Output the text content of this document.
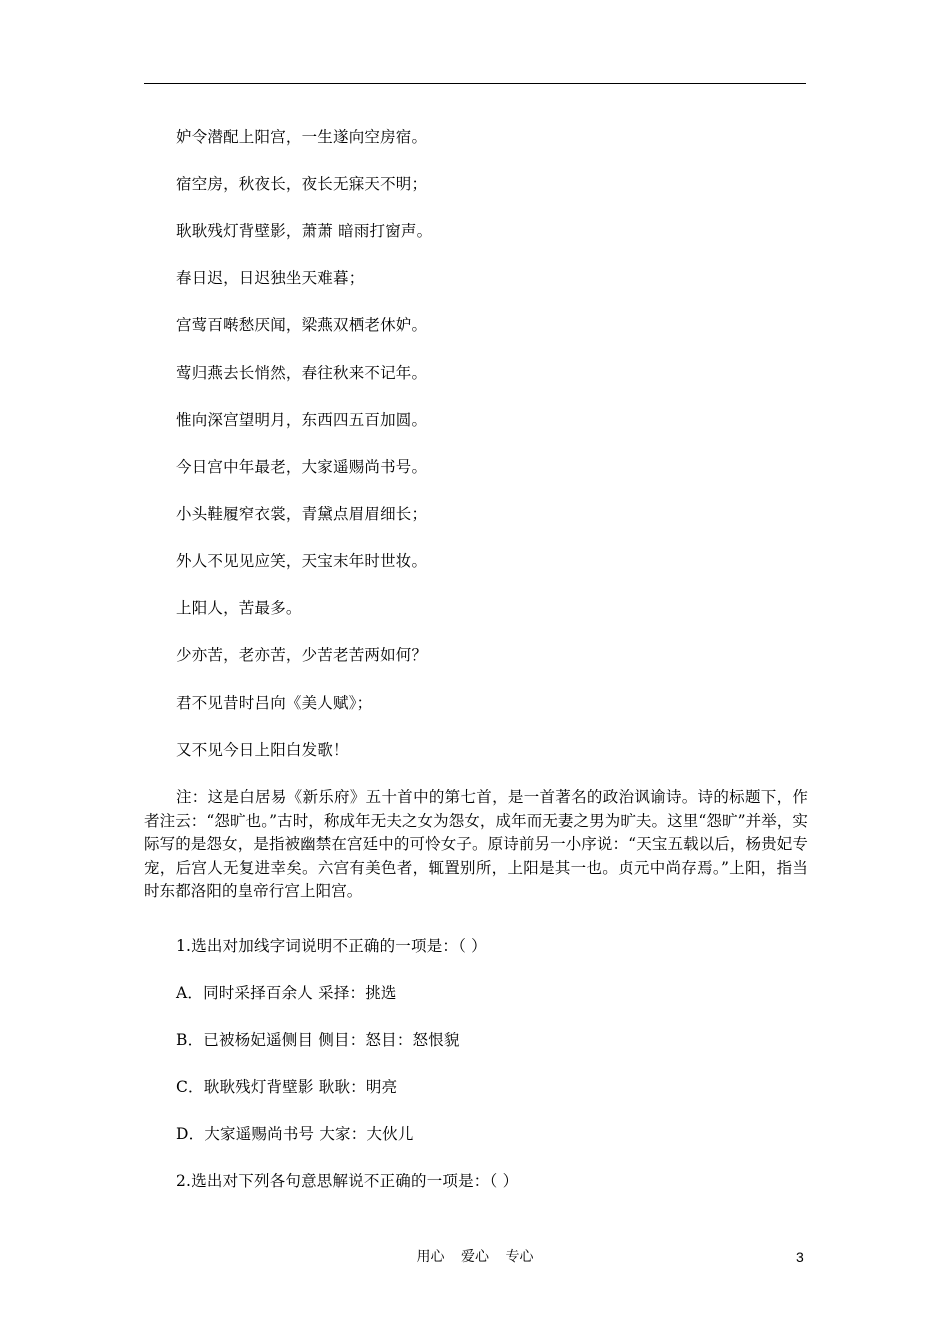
妒令潜配上阳宫，一生遂向空房宿。
宿空房，秋夜长，夜长无寐天不明；
耿耿残灯背壁影，萧萧 暗雨打窗声。
春日迟，日迟独坐天难暮；
宫莺百啭愁厌闻，梁燕双栖老休妒。
莺归燕去长悄然，春往秋来不记年。
惟向深宫望明月，东西四五百加圆。
今日宫中年最老，大家遥赐尚书号。
小头鞋履窄衣裳，青黛点眉眉细长；
外人不见见应笑，天宝末年时世妆。
上阳人，苦最多。
少亦苦，老亦苦，少苦老苦两如何？
君不见昔时吕向《美人赋》；
又不见今日上阳白发歌！
注：这是白居易《新乐府》五十首中的第七首，是一首著名的政治讽谕诗。诗的标题下，作者注云：“怨旷也。”古时，称成年无夫之女为怨女，成年而无妻之男为旷夫。这里“怨旷”并举，实际写的是怨女，是指被幽禁在宫廷中的可怜女子。原诗前另一小序说：“天宝五载以后，杨贵妃专宠，后宫人无复进幸矣。六宫有美色者，辄置别所，上阳是其一也。贞元中尚存焉。”上阳，指当时东都洛阳的皇帝行宫上阳宫。
1.选出对加线字词说明不正确的一项是：（ ）
A．同时采择百余人 采择：挑选
B．已被杨妃遥侧目 侧目：怒目：怒恨貌
C．耿耿残灯背壁影 耿耿：明亮
D．大家遥赐尚书号 大家：大伙儿
2.选出对下列各句意思解说不正确的一项是：（ ）
用心 爱心 专心	3
